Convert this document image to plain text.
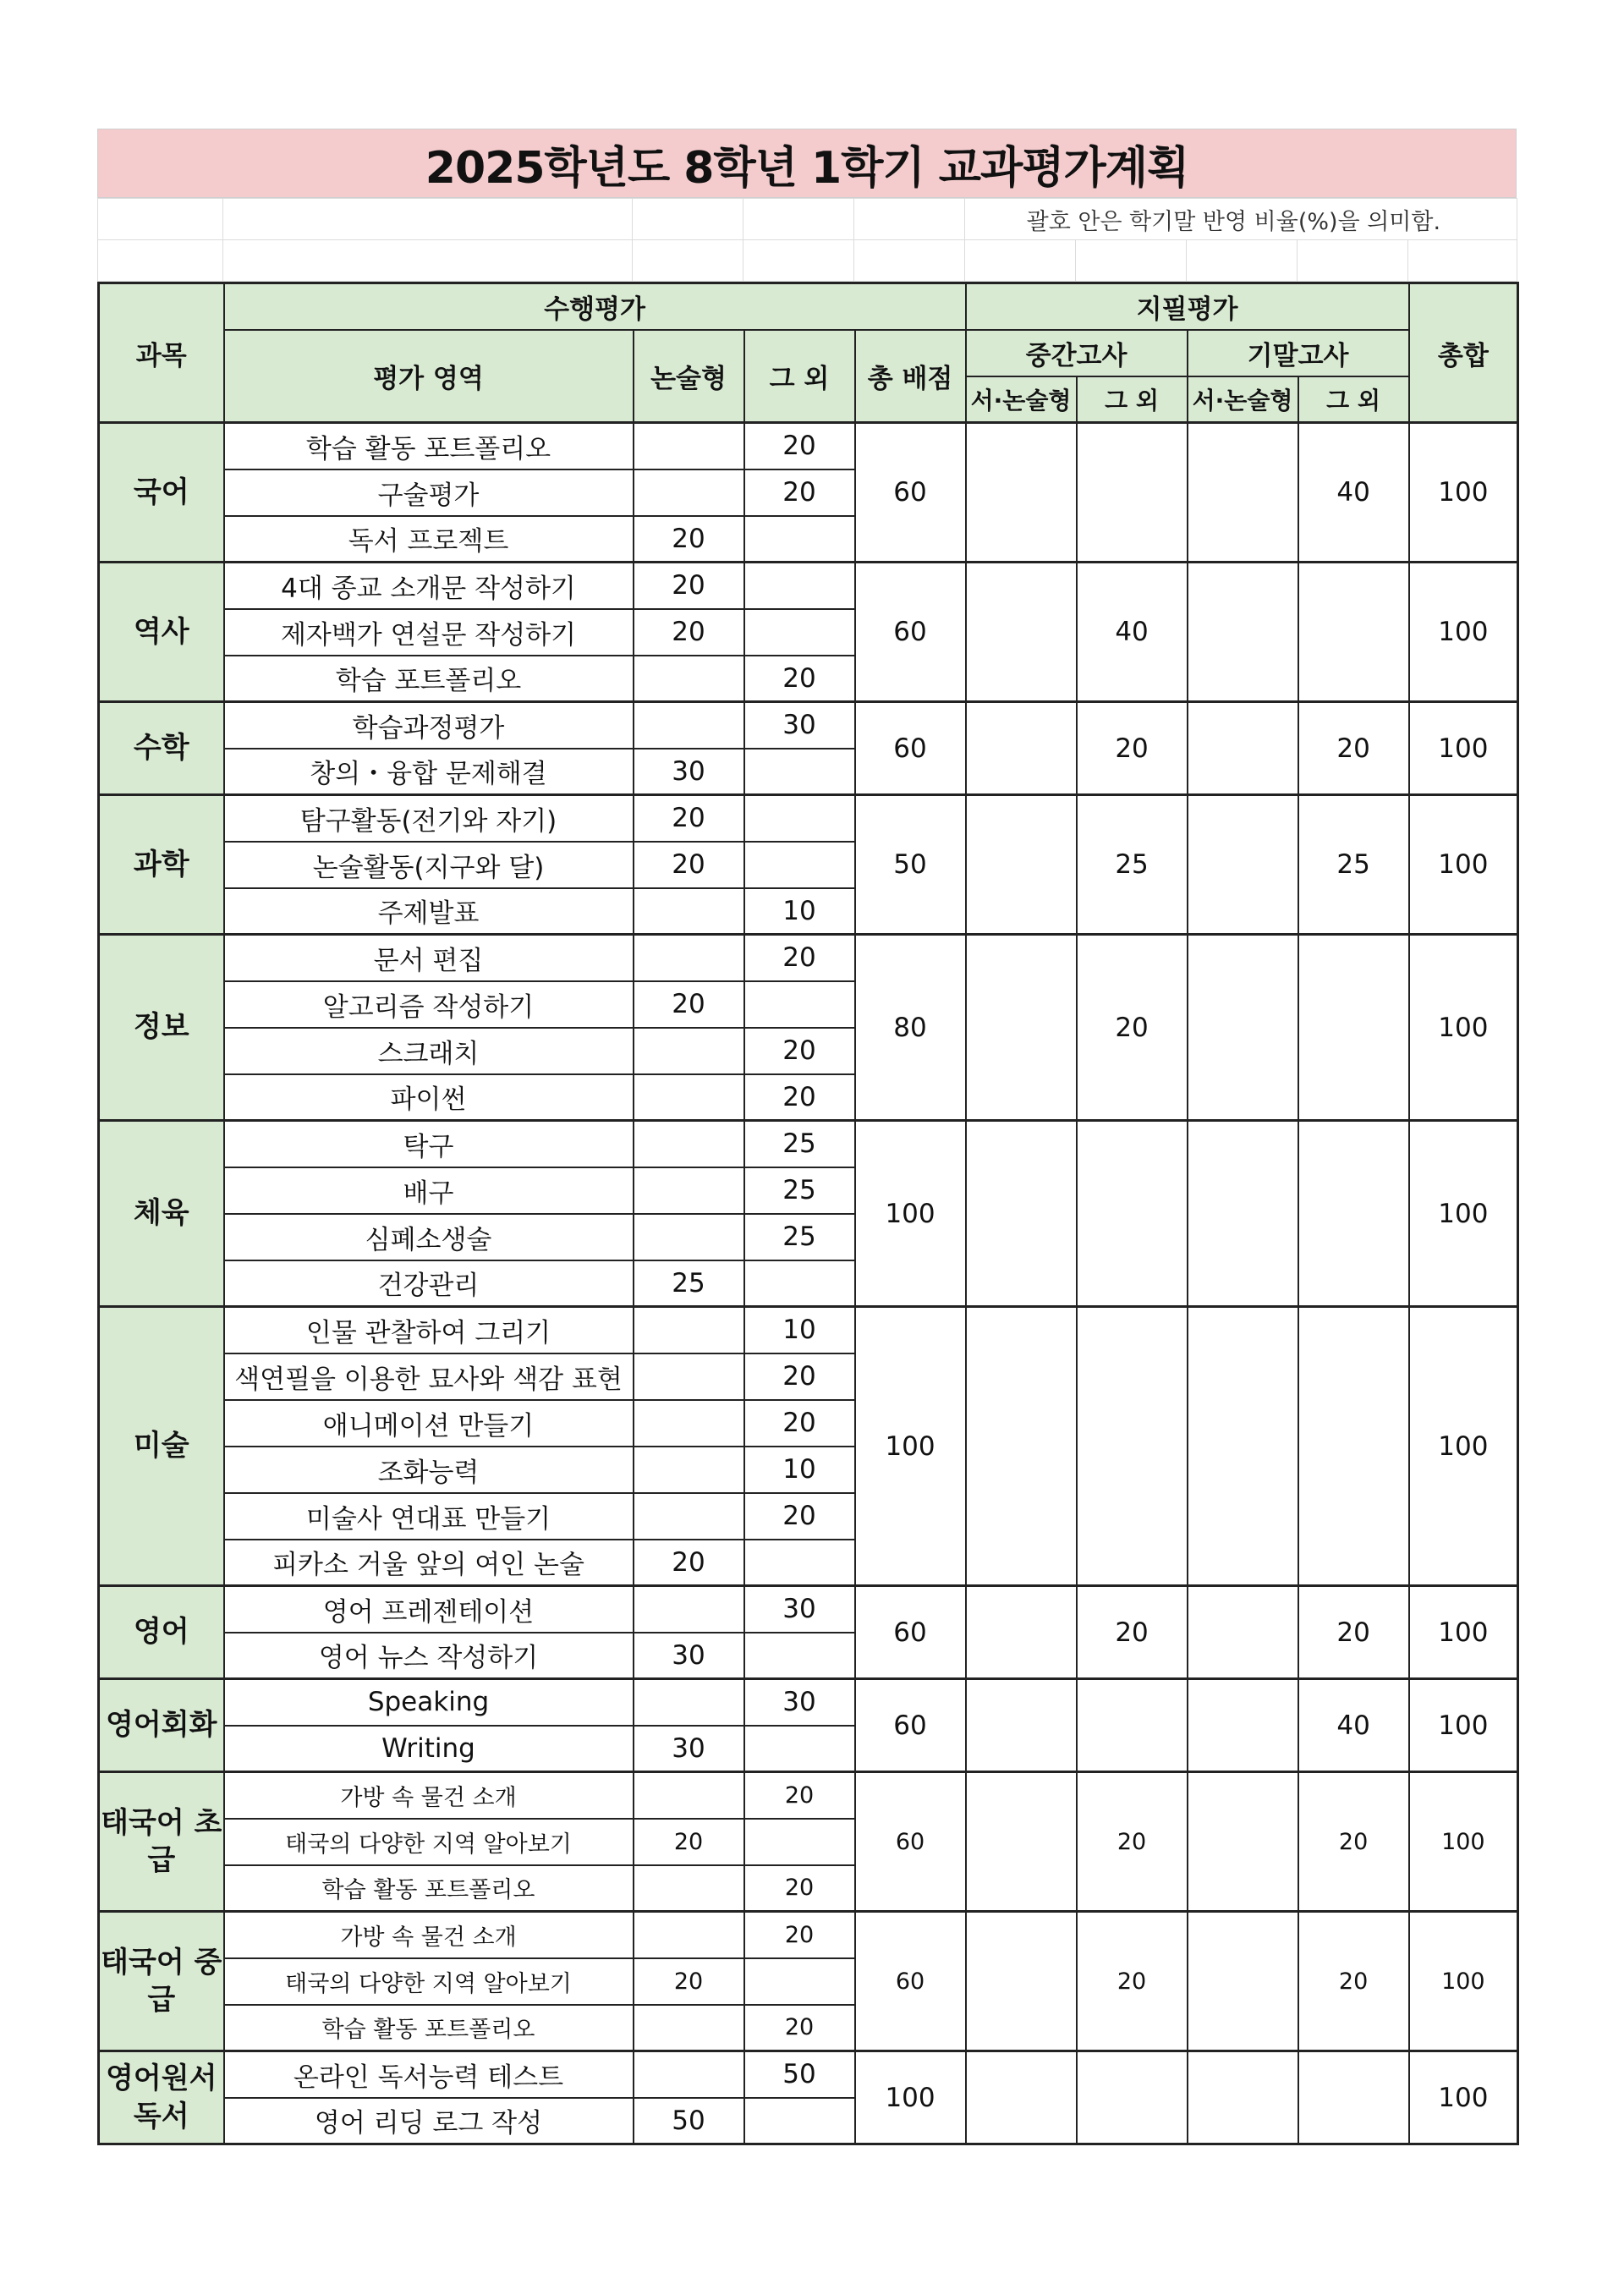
2025학년도 8학년 1학기 교과평가계획
					괄호 안은 학기말 반영 비율(%)을 의미함.				

과목	수행평가				지필평가				총합
	평가 영역	논술형	그 외	총 배점	중간고사		기말고사		
					서·논술형	그 외	서·논술형	그 외	
국어	학습 활동 포트폴리오		20	60				40	100
	구술평가		20						
	독서 프로젝트	20							
역사	4대 종교 소개문 작성하기	20		60		40			100
	제자백가 연설문 작성하기	20							
	학습 포트폴리오		20						
수학	학습과정평가		30	60		20		20	100
	창의・융합 문제해결	30							
과학	탐구활동(전기와 자기)	20		50		25		25	100
	논술활동(지구와 달)	20							
	주제발표		10						
정보	문서 편집		20	80		20			100
	알고리즘 작성하기	20							
	스크래치		20						
	파이썬		20						
체육	탁구		25	100					100
	배구		25						
	심폐소생술		25						
	건강관리	25							
미술	인물 관찰하여 그리기		10	100					100
	색연필을 이용한 묘사와 색감 표현		20						
	애니메이션 만들기		20						
	조화능력		10						
	미술사 연대표 만들기		20						
	피카소 거울 앞의 여인 논술	20							
영어	영어 프레젠테이션		30	60		20		20	100
	영어 뉴스 작성하기	30							
영어회화	Speaking		30	60				40	100
	Writing	30							
태국어 초급	가방 속 물건 소개		20	60		20		20	100
	태국의 다양한 지역 알아보기	20							
	학습 활동 포트폴리오		20						
태국어 중급	가방 속 물건 소개		20	60		20		20	100
	태국의 다양한 지역 알아보기	20							
	학습 활동 포트폴리오		20						
영어원서 독서	온라인 독서능력 테스트		50	100					100
	영어 리딩 로그 작성	50							
